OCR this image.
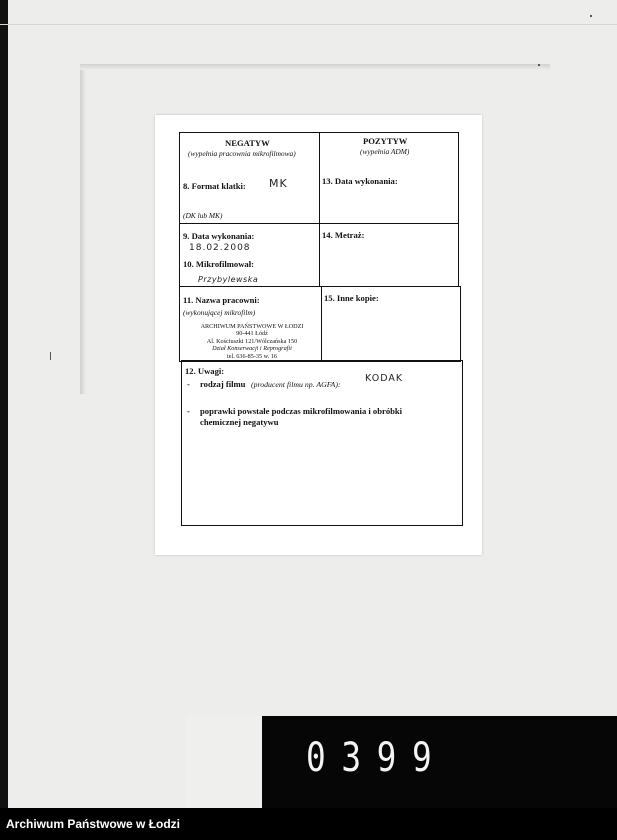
NEGATYW
(wypełnia pracownia mikrofilmowa)
POZYTYW
(wypełnia ADM)
8. Format klatki: MK
(DK lub MK)
13. Data wykonania:
9. Data wykonania:
18.02.2008
10. Mikrofilmował:
Przybylewska
14. Metraż:
11. Nazwa pracowni:
(wykonującej mikrofilm)
ARCHIWUM PAŃSTWOWE W ŁODZI
90-441 Łódź
Al. Kościuszki 121/Wólczańska 150
Dział Konserwacji i Reprografii
tel. 636-85-35 w. 16
15. Inne kopie:
12. Uwagi:
- rodzaj filmu (producent filmu np. AGFA):
KODAK
- poprawki powstałe podczas mikrofilmowania i obróbki
chemicznej negatywu
0399
Archiwum Państwowe w Łodzi
